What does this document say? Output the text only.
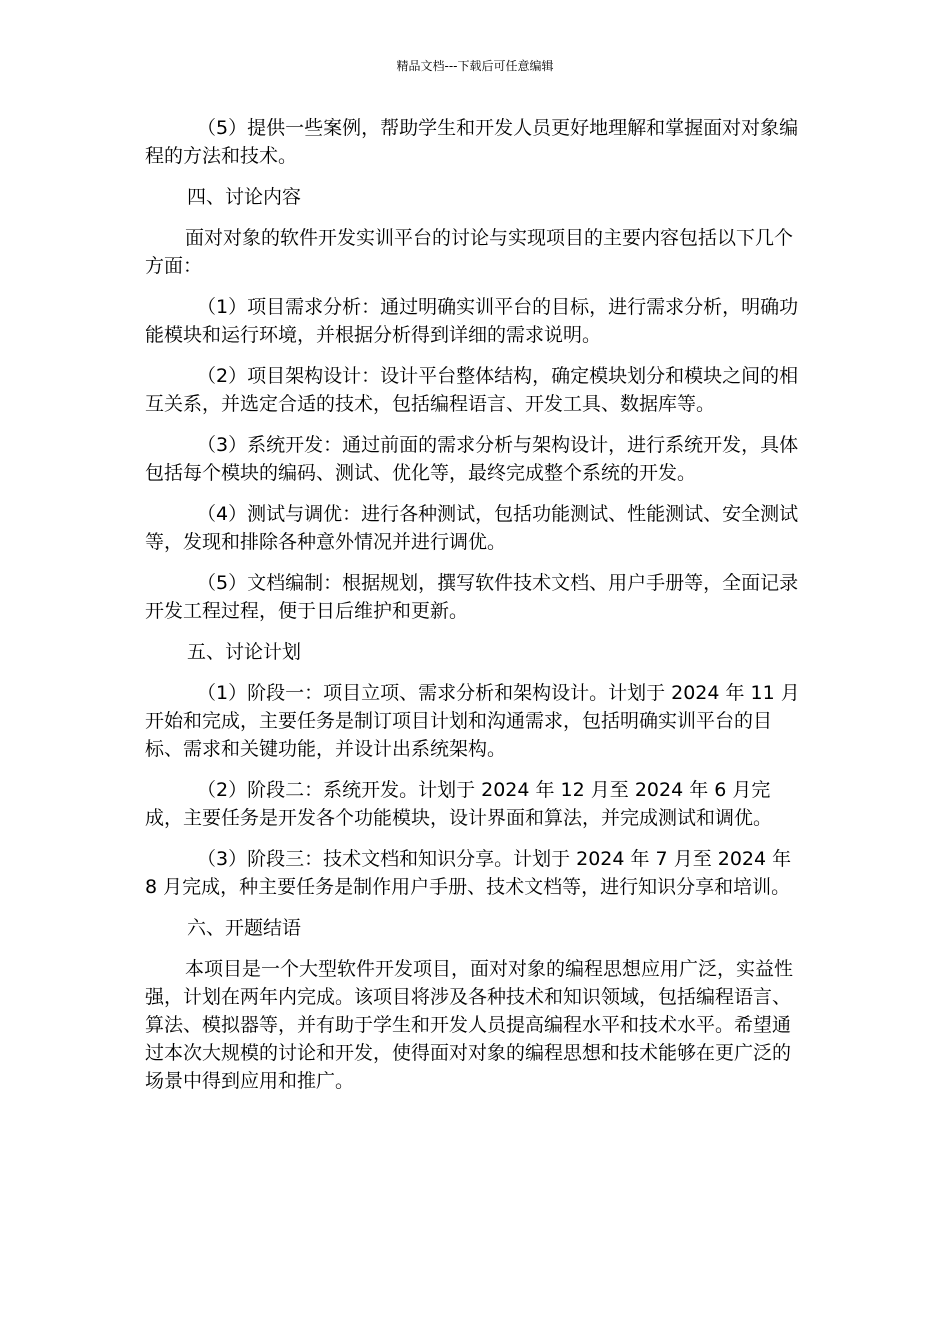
精品文档---下载后可任意编辑

（5）提供一些案例，帮助学生和开发人员更好地理解和掌握面对对象编程的方法和技术。

四、讨论内容

面对对象的软件开发实训平台的讨论与实现项目的主要内容包括以下几个方面：

（1）项目需求分析：通过明确实训平台的目标，进行需求分析，明确功能模块和运行环境，并根据分析得到详细的需求说明。

（2）项目架构设计：设计平台整体结构，确定模块划分和模块之间的相互关系，并选定合适的技术，包括编程语言、开发工具、数据库等。

（3）系统开发：通过前面的需求分析与架构设计，进行系统开发，具体包括每个模块的编码、测试、优化等，最终完成整个系统的开发。

（4）测试与调优：进行各种测试，包括功能测试、性能测试、安全测试等，发现和排除各种意外情况并进行调优。

（5）文档编制：根据规划，撰写软件技术文档、用户手册等，全面记录开发工程过程，便于日后维护和更新。

五、讨论计划

（1）阶段一：项目立项、需求分析和架构设计。计划于 2024 年 11 月开始和完成，主要任务是制订项目计划和沟通需求，包括明确实训平台的目标、需求和关键功能，并设计出系统架构。

（2）阶段二：系统开发。计划于 2024 年 12 月至 2024 年 6 月完成，主要任务是开发各个功能模块，设计界面和算法，并完成测试和调优。

（3）阶段三：技术文档和知识分享。计划于 2024 年 7 月至 2024 年 8 月完成，种主要任务是制作用户手册、技术文档等，进行知识分享和培训。

六、开题结语

本项目是一个大型软件开发项目，面对对象的编程思想应用广泛，实益性强，计划在两年内完成。该项目将涉及各种技术和知识领域，包括编程语言、算法、模拟器等，并有助于学生和开发人员提高编程水平和技术水平。希望通过本次大规模的讨论和开发，使得面对对象的编程思想和技术能够在更广泛的场景中得到应用和推广。
